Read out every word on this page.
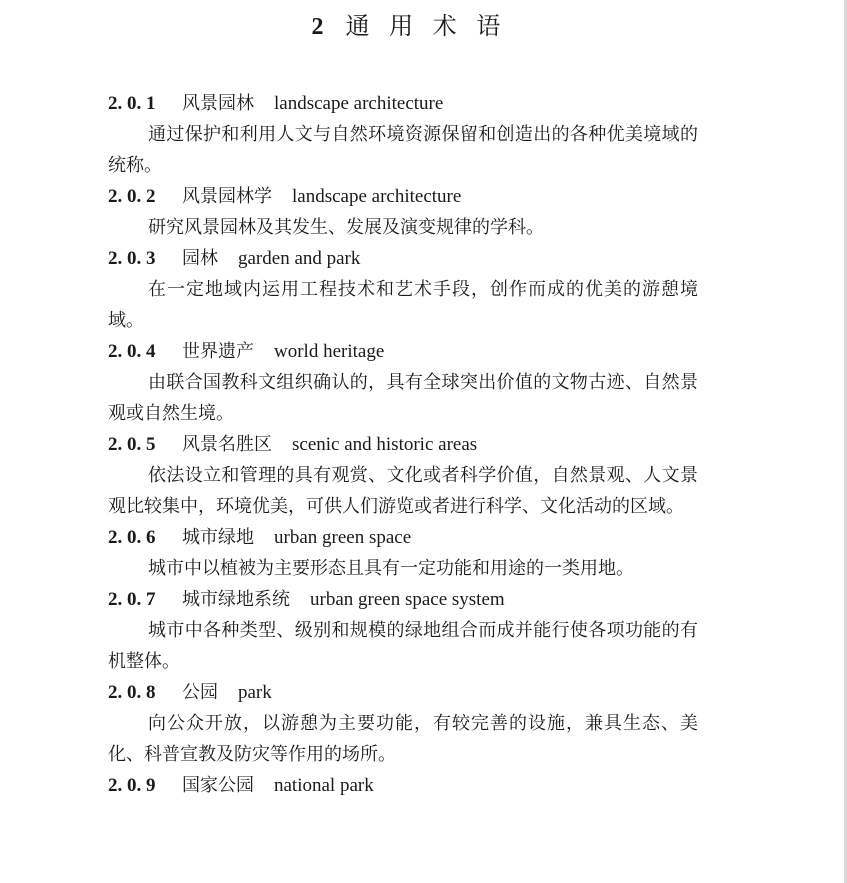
2 通 用 术 语
2. 0. 1 风景园林 landscape architecture

通过保护和利用人文与自然环境资源保留和创造出的各种优美境域的统称。

2. 0. 2 风景园林学 landscape architecture

研究风景园林及其发生、发展及演变规律的学科。

2. 0. 3 园林 garden and park

在一定地域内运用工程技术和艺术手段，创作而成的优美的游憩境域。

2. 0. 4 世界遗产 world heritage

由联合国教科文组织确认的，具有全球突出价值的文物古迹、自然景观或自然生境。

2. 0. 5 风景名胜区 scenic and historic areas

依法设立和管理的具有观赏、文化或者科学价值，自然景观、人文景观比较集中，环境优美，可供人们游览或者进行科学、文化活动的区域。

2. 0. 6 城市绿地 urban green space

城市中以植被为主要形态且具有一定功能和用途的一类用地。

2. 0. 7 城市绿地系统 urban green space system

城市中各种类型、级别和规模的绿地组合而成并能行使各项功能的有机整体。

2. 0. 8 公园 park

向公众开放，以游憩为主要功能，有较完善的设施，兼具生态、美化、科普宣教及防灾等作用的场所。

2. 0. 9 国家公园 national park
